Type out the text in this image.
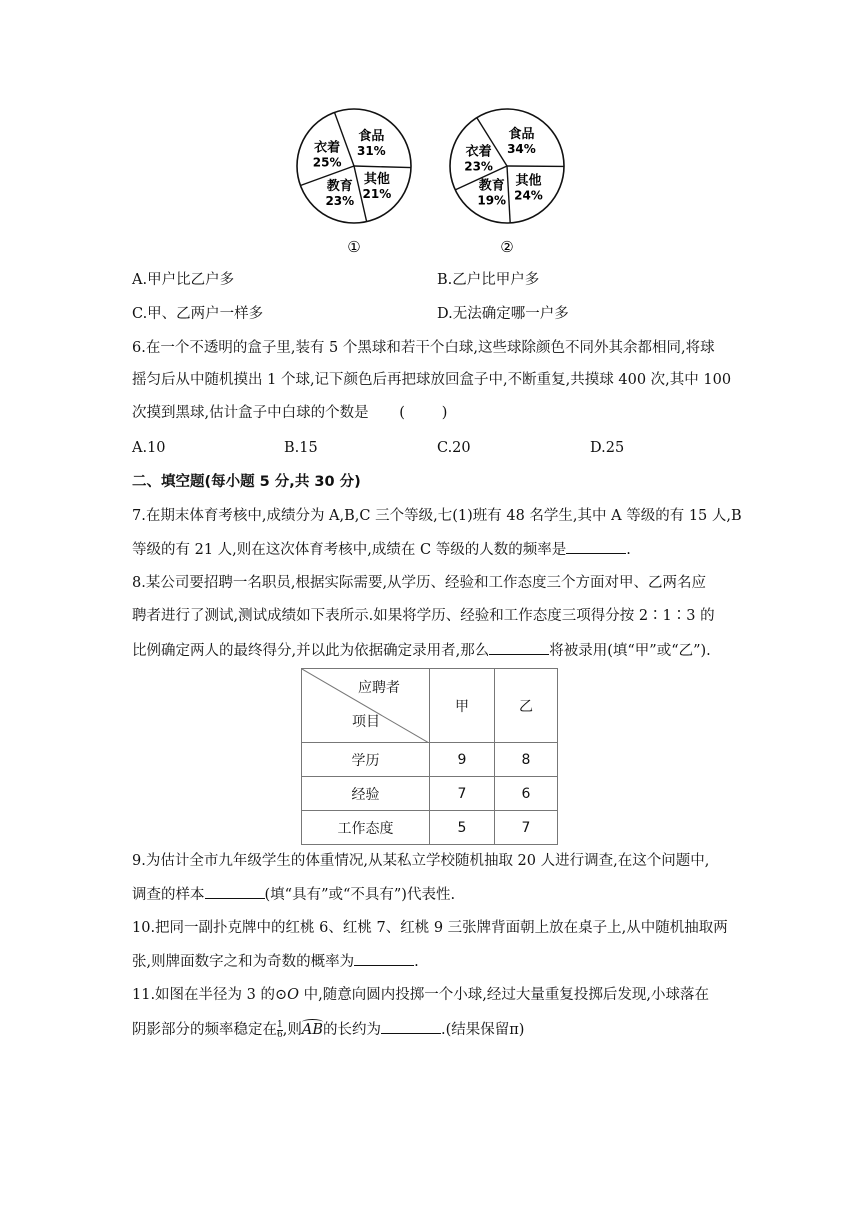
食品
31%
其他
21%
教育
23%
衣着
25%
食品
34%
其他
24%
教育
19%
衣着
23%
①	②
A.甲户比乙户多	B.乙户比甲户多
C.甲、乙两户一样多	D.无法确定哪一户多
6.在一个不透明的盒子里,装有 5 个黑球和若干个白球,这些球除颜色不同外其余都相同,将球
摇匀后从中随机摸出 1 个球,记下颜色后再把球放回盒子中,不断重复,共摸球 400 次,其中 100
次摸到黑球,估计盒子中白球的个数是 (        )
A.10	B.15	C.20	D.25
二、填空题(每小题 5 分,共 30 分)
7.在期末体育考核中,成绩分为 A,B,C 三个等级,七(1)班有 48 名学生,其中 A 等级的有 15 人,B
等级的有 21 人,则在这次体育考核中,成绩在 C 等级的人数的频率是	.
8.某公司要招聘一名职员,根据实际需要,从学历、经验和工作态度三个方面对甲、乙两名应
聘者进行了测试,测试成绩如下表所示.如果将学历、经验和工作态度三项得分按 2∶1∶3 的
比例确定两人的最终得分,并以此为依据确定录用者,那么	将被录用(填“甲”或“乙”).
应聘者
项目	甲	乙
学历	9	8
经验	7	6
工作态度	5	7
9.为估计全市九年级学生的体重情况,从某私立学校随机抽取 20 人进行调查,在这个问题中,
调查的样本	(填“具有”或“不具有”)代表性.
10.把同一副扑克牌中的红桃 6、红桃 7、红桃 9 三张牌背面朝上放在桌子上,从中随机抽取两
张,则牌面数字之和为奇数的概率为	.
11.如图在半径为 3 的⊙O 中,随意向圆内投掷一个小球,经过大量重复投掷后发现,小球落在
阴影部分的频率稳定在 $\frac{1}{6}$ ,则AB的长约为	.(结果保留π)
